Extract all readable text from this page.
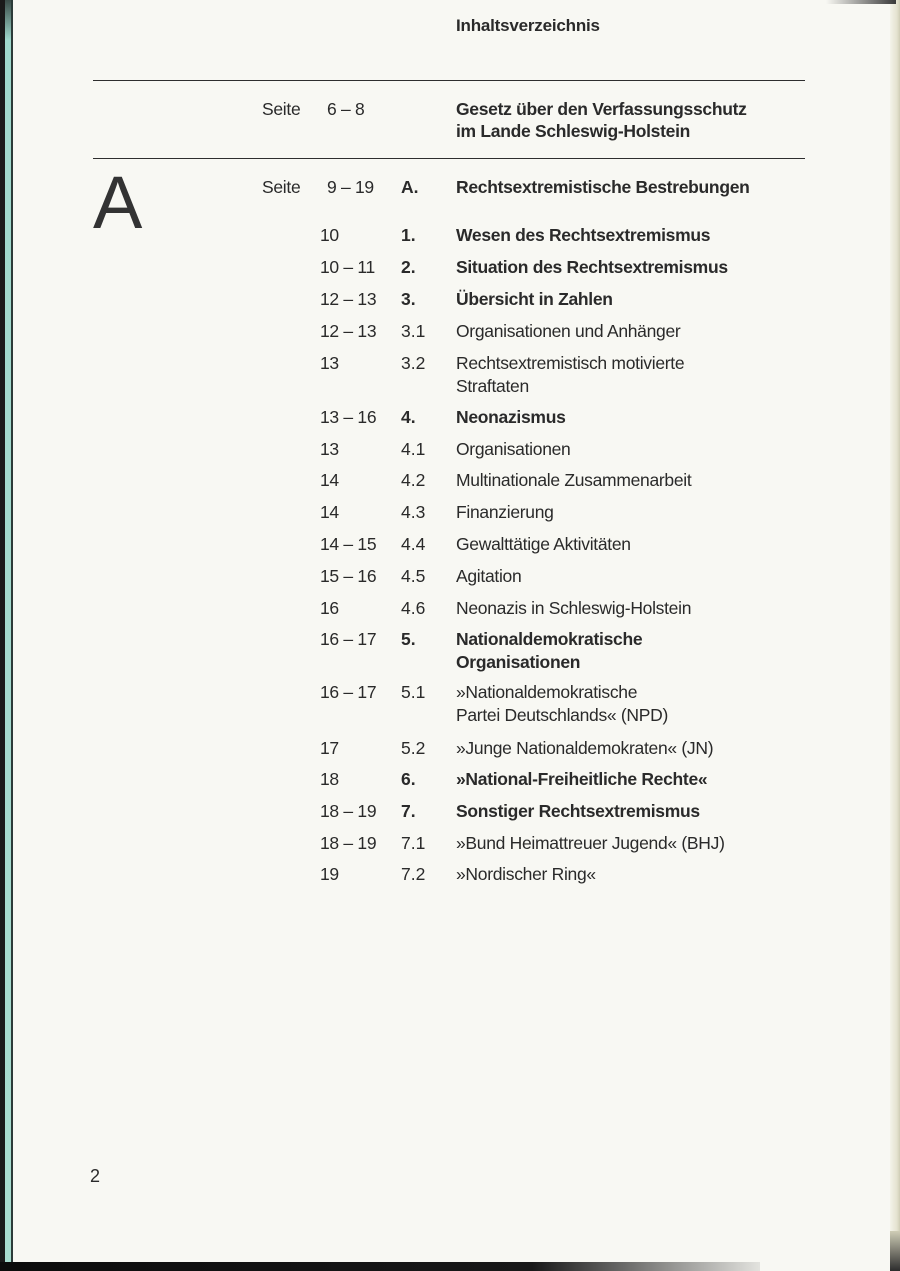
Inhaltsverzeichnis
Seite 6 – 8	Gesetz über den Verfassungsschutz
im Lande Schleswig-Holstein
A	Seite 9 – 19 A. Rechtsextremistische Bestrebungen
10	1. Wesen des Rechtsextremismus
10 – 11 2. Situation des Rechtsextremismus
12 – 13 3. Übersicht in Zahlen
12 – 13 3.1 Organisationen und Anhänger
13	3.2 Rechtsextremistisch motivierte
Straftaten
13 – 16 4. Neonazismus
13	4.1 Organisationen
14	4.2 Multinationale Zusammenarbeit
14	4.3 Finanzierung
14 – 15 4.4 Gewalttätige Aktivitäten
15 – 16 4.5 Agitation
16	4.6 Neonazis in Schleswig-Holstein
16 – 17 5. Nationaldemokratische
Organisationen
16 – 17 5.1 »Nationaldemokratische
Partei Deutschlands« (NPD)
17	5.2 »Junge Nationaldemokraten« (JN)
18	6. »National-Freiheitliche Rechte«
18 – 19 7. Sonstiger Rechtsextremismus
18 – 19 7.1 »Bund Heimattreuer Jugend« (BHJ)
19	7.2 »Nordischer Ring«
2
